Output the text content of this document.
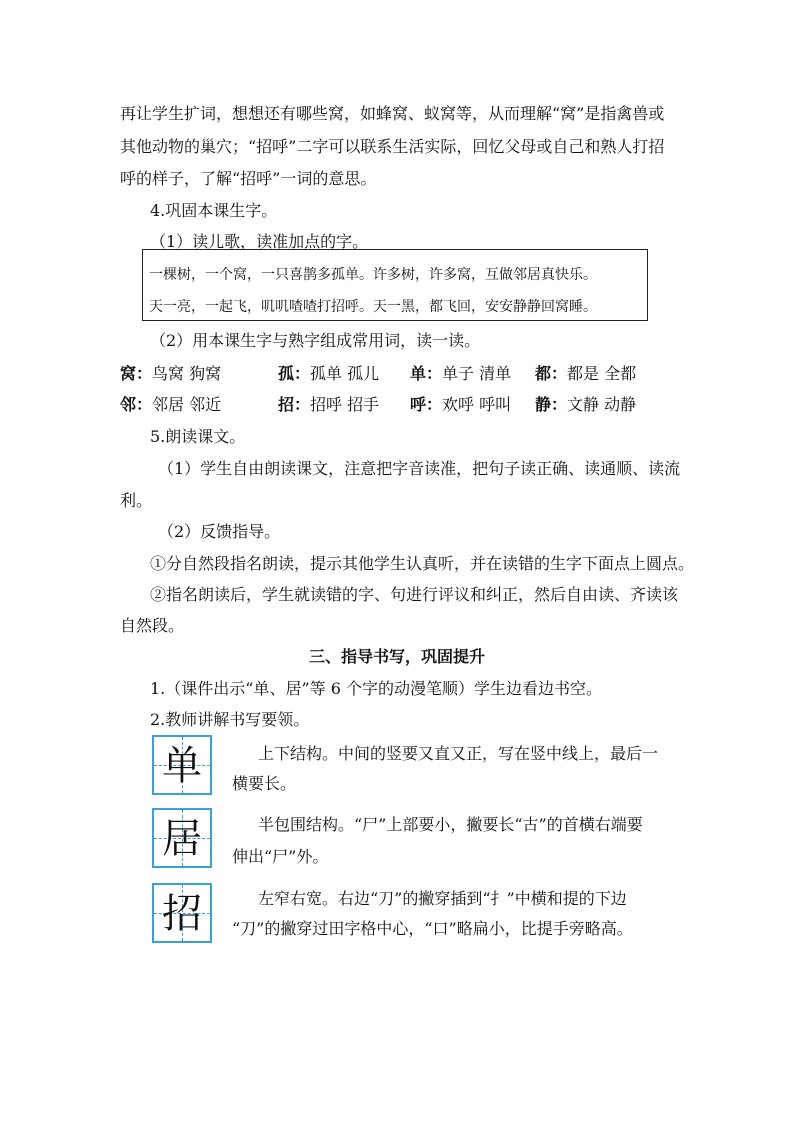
再让学生扩词，想想还有哪些窝，如蜂窝、蚁窝等，从而理解“窝”是指禽兽或
其他动物的巢穴；“招呼”二字可以联系生活实际，回忆父母或自己和熟人打招
呼的样子，了解“招呼”一词的意思。
4.巩固本课生字。
（1）读儿歌，读准加点的字。
一棵树，一个窝，一只喜鹊多孤单。许多树，许多窝，互做邻居真快乐。
天一亮，一起飞，叽叽喳喳打招呼。天一黑，都飞回，安安静静回窝睡。
（2）用本课生字与熟字组成常用词，读一读。
窝：鸟窝 狗窝	孤：孤单 孤儿 单：单子 清单 都：都是 全都
邻：邻居 邻近	招：招呼 招手 呼：欢呼 呼叫 静：文静 动静
5.朗读课文。
（1）学生自由朗读课文，注意把字音读准，把句子读正确、读通顺、读流
利。
（2）反馈指导。
①分自然段指名朗读，提示其他学生认真听，并在读错的生字下面点上圆点。
②指名朗读后，学生就读错的字、句进行评议和纠正，然后自由读、齐读该
自然段。
三、指导书写，巩固提升
1.（课件出示“单、居”等 6 个字的动漫笔顺）学生边看边书空。
2.教师讲解书写要领。
单	上下结构。中间的竖要又直又正，写在竖中线上，最后一
横要长。
居	半包围结构。“尸”上部要小，撇要长“古”的首横右端要
伸出“尸”外。
招	左窄右宽。右边“刀”的撇穿插到“扌”中横和提的下边
“刀”的撇穿过田字格中心，“口”略扁小，比提手旁略高。
